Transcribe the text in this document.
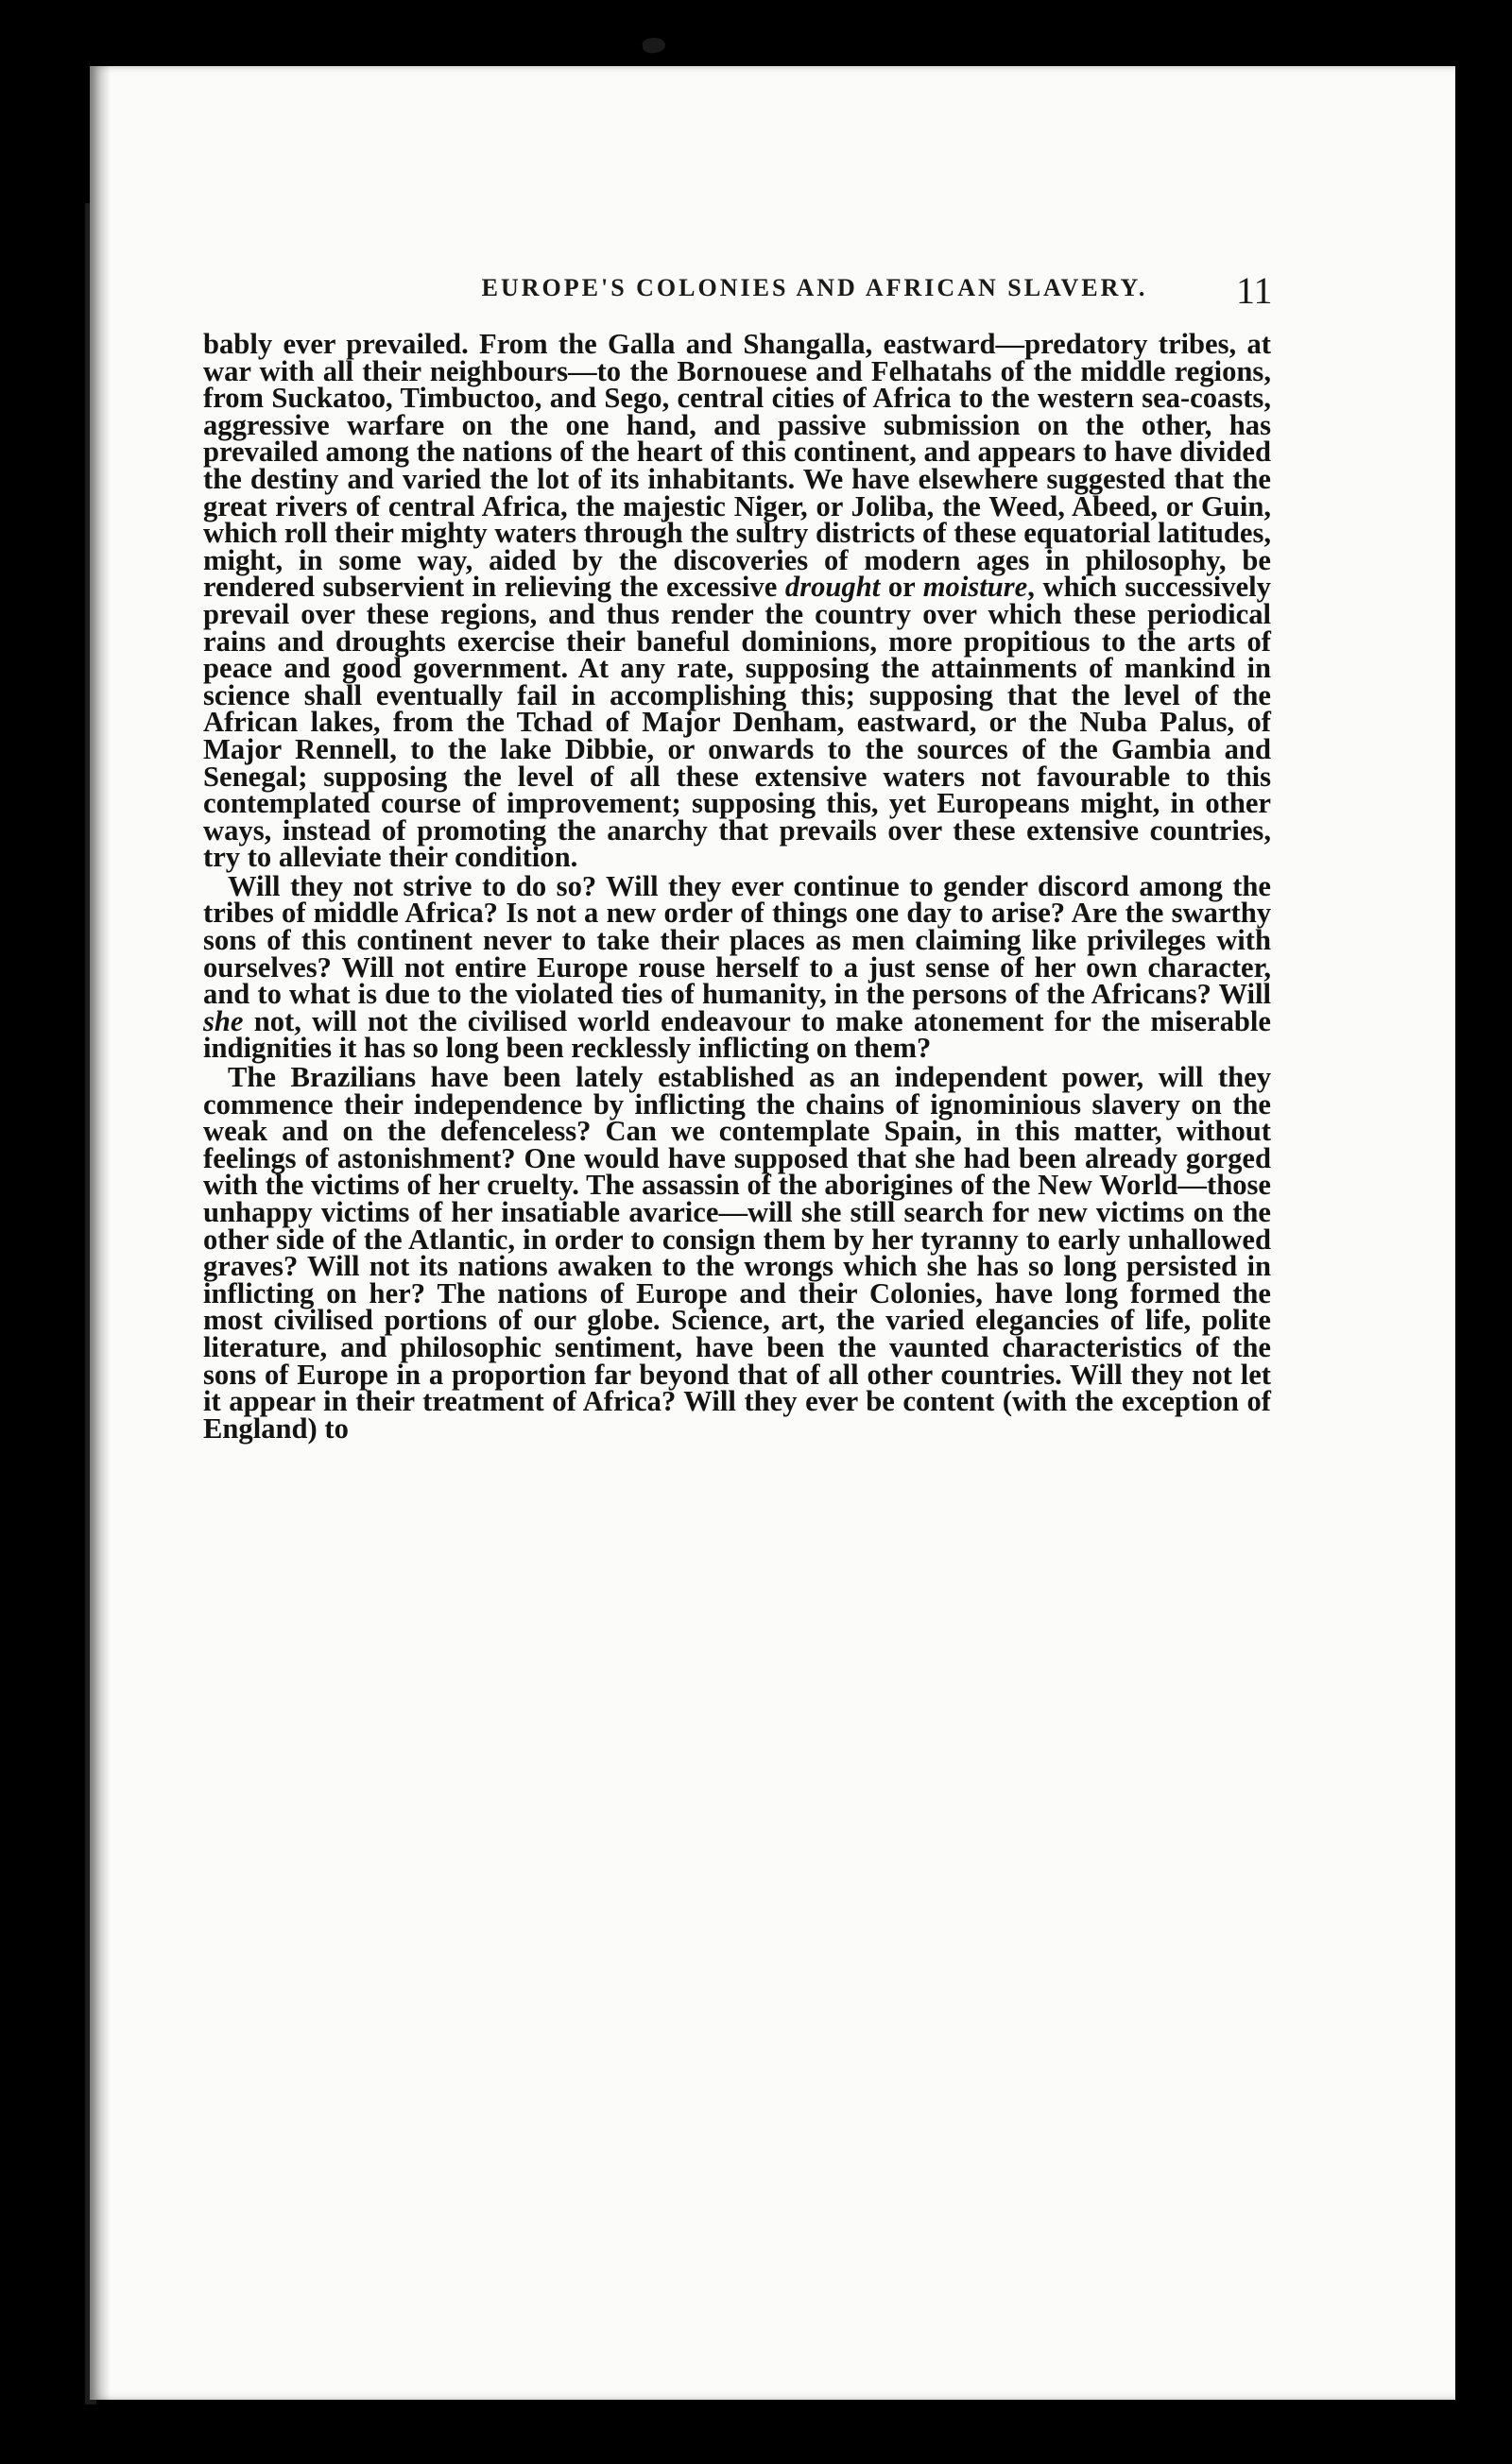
EUROPE'S COLONIES AND AFRICAN SLAVERY.	11

bably ever prevailed. From the Galla and Shangalla, eastward—predatory tribes, at war with all their neighbours—to the Bornouese and Felhatahs of the middle regions, from Suckatoo, Timbuctoo, and Sego, central cities of Africa to the western sea-coasts, aggressive warfare on the one hand, and passive submission on the other, has prevailed among the nations of the heart of this continent, and appears to have divided the destiny and varied the lot of its inhabitants. We have elsewhere suggested that the great rivers of central Africa, the majestic Niger, or Joliba, the Weed, Abeed, or Guin, which roll their mighty waters through the sultry districts of these equatorial latitudes, might, in some way, aided by the discoveries of modern ages in philosophy, be rendered subservient in relieving the excessive drought or moisture, which successively prevail over these regions, and thus render the country over which these periodical rains and droughts exercise their baneful dominions, more propitious to the arts of peace and good government. At any rate, supposing the attainments of mankind in science shall eventually fail in accomplishing this; supposing that the level of the African lakes, from the Tchad of Major Denham, eastward, or the Nuba Palus, of Major Rennell, to the lake Dibbie, or onwards to the sources of the Gambia and Senegal; supposing the level of all these extensive waters not favourable to this contemplated course of improvement; supposing this, yet Europeans might, in other ways, instead of promoting the anarchy that prevails over these extensive countries, try to alleviate their condition.

Will they not strive to do so? Will they ever continue to gender discord among the tribes of middle Africa? Is not a new order of things one day to arise? Are the swarthy sons of this continent never to take their places as men claiming like privileges with ourselves? Will not entire Europe rouse herself to a just sense of her own character, and to what is due to the violated ties of humanity, in the persons of the Africans? Will she not, will not the civilised world endeavour to make atonement for the miserable indignities it has so long been recklessly inflicting on them?

The Brazilians have been lately established as an independent power, will they commence their independence by inflicting the chains of ignominious slavery on the weak and on the defenceless? Can we contemplate Spain, in this matter, without feelings of astonishment? One would have supposed that she had been already gorged with the victims of her cruelty. The assassin of the aborigines of the New World—those unhappy victims of her insatiable avarice—will she still search for new victims on the other side of the Atlantic, in order to consign them by her tyranny to early unhallowed graves? Will not its nations awaken to the wrongs which she has so long persisted in inflicting on her? The nations of Europe and their Colonies, have long formed the most civilised portions of our globe. Science, art, the varied elegancies of life, polite literature, and philosophic sentiment, have been the vaunted characteristics of the sons of Europe in a proportion far beyond that of all other countries. Will they not let it appear in their treatment of Africa? Will they ever be content (with the exception of England) to
